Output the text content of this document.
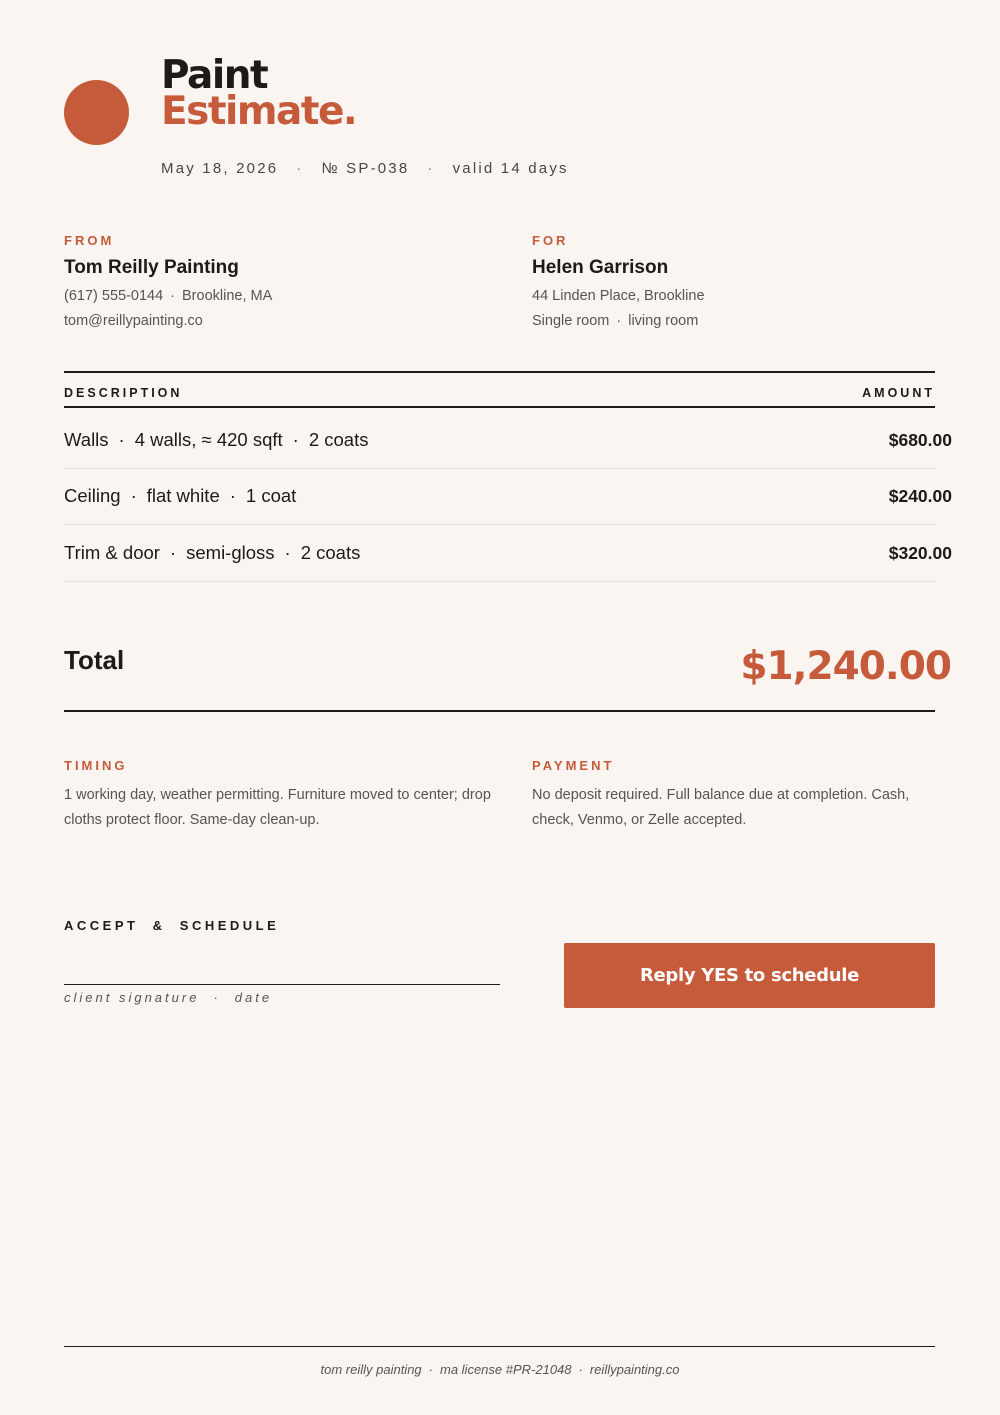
Paint
Estimate.
May 18, 2026 · № SP-038 · valid 14 days
FROM
Tom Reilly Painting
(617) 555-0144 · Brookline, MA
tom@reillypainting.co
FOR
Helen Garrison
44 Linden Place, Brookline
Single room · living room
DESCRIPTION	AMOUNT
Walls · 4 walls, ≈ 420 sqft · 2 coats	$680.00
Ceiling · flat white · 1 coat	$240.00
Trim & door · semi-gloss · 2 coats	$320.00
Total	$1,240.00
TIMING
1 working day, weather permitting. Furniture moved to center; drop cloths protect floor. Same-day clean-up.
PAYMENT
No deposit required. Full balance due at completion. Cash, check, Venmo, or Zelle accepted.
ACCEPT  &  SCHEDULE
client signature · date
Reply YES to schedule
tom reilly painting · ma license #PR-21048 · reillypainting.co
